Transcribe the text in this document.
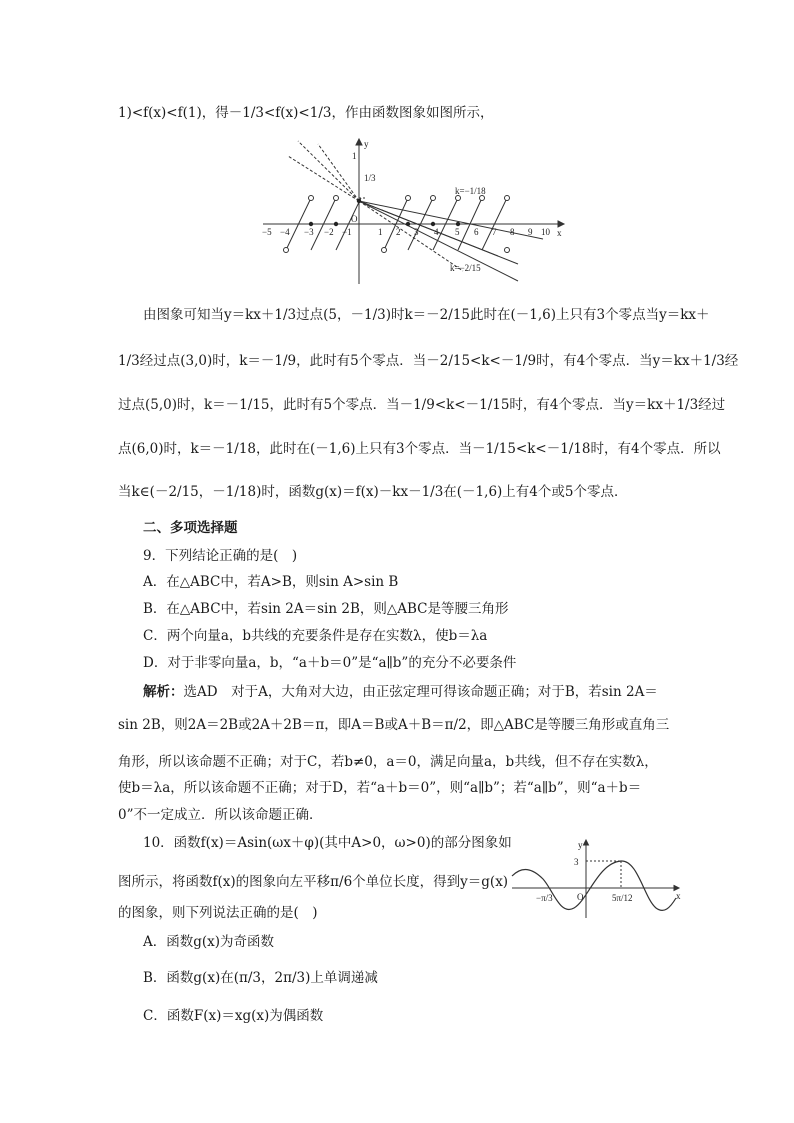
1)<f(x)<f(1)，得－1/3<f(x)<1/3，作由函数图象如图所示，
x
y
O
1
1/3
−5 −4 −3 −2 −1	1 2 3 4 5 6 7 8 9 10
k=−1/18
k=−2/15
由图象可知当y＝kx＋1/3过点(5，－1/3)时k＝－2/15此时在(－1,6)上只有3个零点当y＝kx＋
1/3经过点(3,0)时，k＝－1/9，此时有5个零点．当－2/15<k<－1/9时，有4个零点．当y＝kx＋1/3经
过点(5,0)时，k＝－1/15，此时有5个零点．当－1/9<k<－1/15时，有4个零点．当y＝kx＋1/3经过
点(6,0)时，k＝－1/18，此时在(－1,6)上只有3个零点．当－1/15<k<－1/18时，有4个零点．所以
当k∈(－2/15，－1/18)时，函数g(x)＝f(x)－kx－1/3在(－1,6)上有4个或5个零点．
二、多项选择题
9．下列结论正确的是(　)
A．在△ABC中，若A>B，则sin A>sin B
B．在△ABC中，若sin 2A＝sin 2B，则△ABC是等腰三角形
C．两个向量a，b共线的充要条件是存在实数λ，使b＝λa
D．对于非零向量a，b，“a＋b＝0”是“a∥b”的充分不必要条件
解析：选AD　对于A，大角对大边，由正弦定理可得该命题正确；对于B，若sin 2A＝
sin 2B，则2A＝2B或2A＋2B＝π，即A＝B或A＋B＝π/2，即△ABC是等腰三角形或直角三
角形，所以该命题不正确；对于C，若b≠0，a＝0，满足向量a，b共线，但不存在实数λ，
使b＝λa，所以该命题不正确；对于D，若“a＋b＝0”，则“a∥b”；若“a∥b”，则“a＋b＝
0”不一定成立．所以该命题正确．
10．函数f(x)＝Asin(ωx＋φ)(其中A>0，ω>0)的部分图象如
图所示，将函数f(x)的图象向左平移π/6个单位长度，得到y＝g(x)
的图象，则下列说法正确的是(　)
x
y
O
3
−π/3	5π/12
A．函数g(x)为奇函数
B．函数g(x)在(π/3，2π/3)上单调递减
C．函数F(x)＝xg(x)为偶函数
